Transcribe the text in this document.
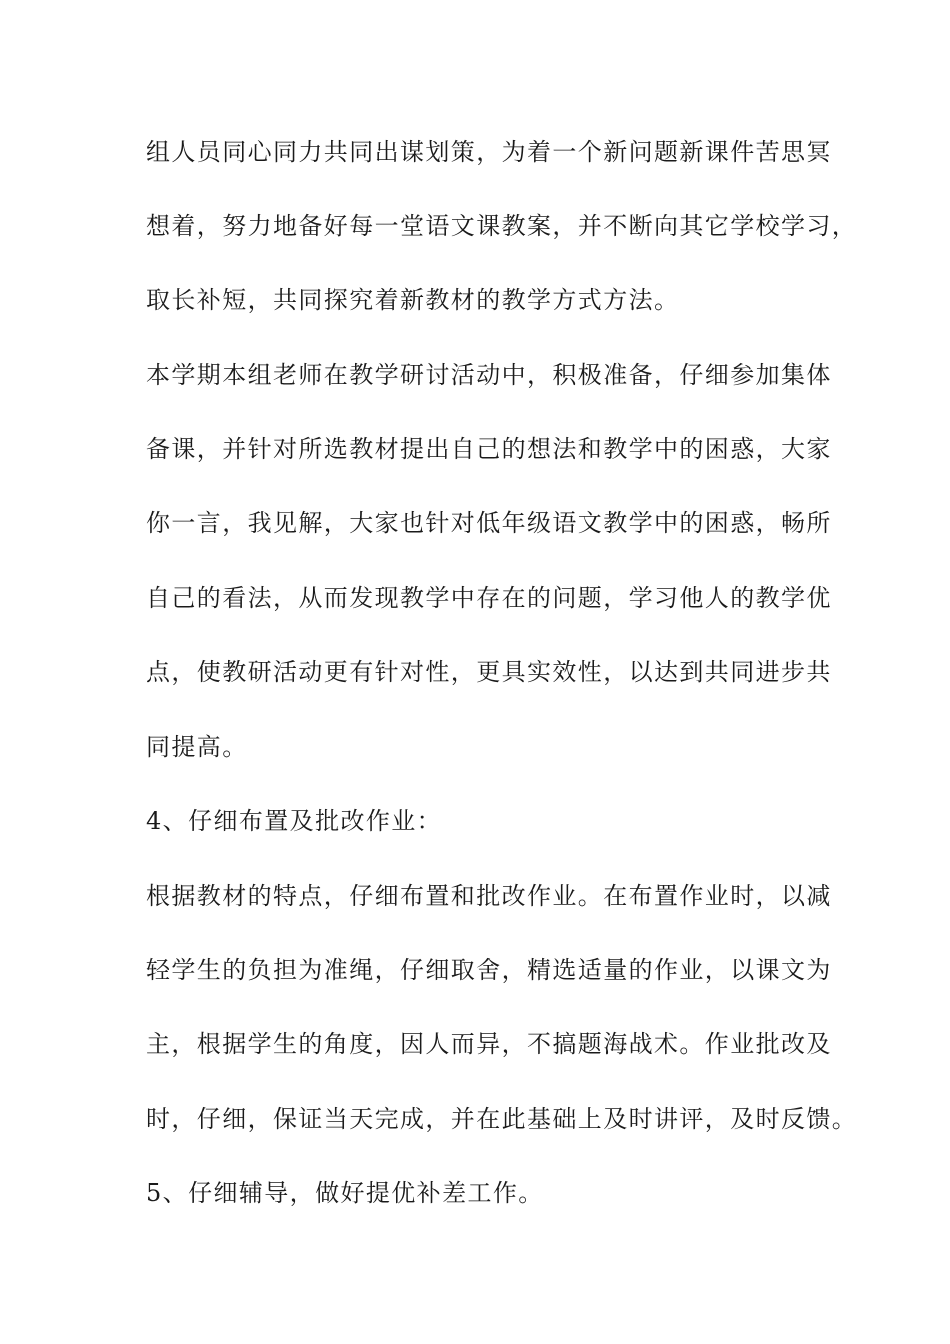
组人员同心同力共同出谋划策，为着一个新问题新课件苦思冥
想着，努力地备好每一堂语文课教案，并不断向其它学校学习，
取长补短，共同探究着新教材的教学方式方法。
本学期本组老师在教学研讨活动中，积极准备，仔细参加集体
备课，并针对所选教材提出自己的想法和教学中的困惑，大家
你一言，我见解，大家也针对低年级语文教学中的困惑，畅所
自己的看法，从而发现教学中存在的问题，学习他人的教学优
点，使教研活动更有针对性，更具实效性，以达到共同进步共
同提高。
4、仔细布置及批改作业：
根据教材的特点，仔细布置和批改作业。在布置作业时，以减
轻学生的负担为准绳，仔细取舍，精选适量的作业，以课文为
主，根据学生的角度，因人而异，不搞题海战术。作业批改及
时，仔细，保证当天完成，并在此基础上及时讲评，及时反馈。
5、仔细辅导，做好提优补差工作。
